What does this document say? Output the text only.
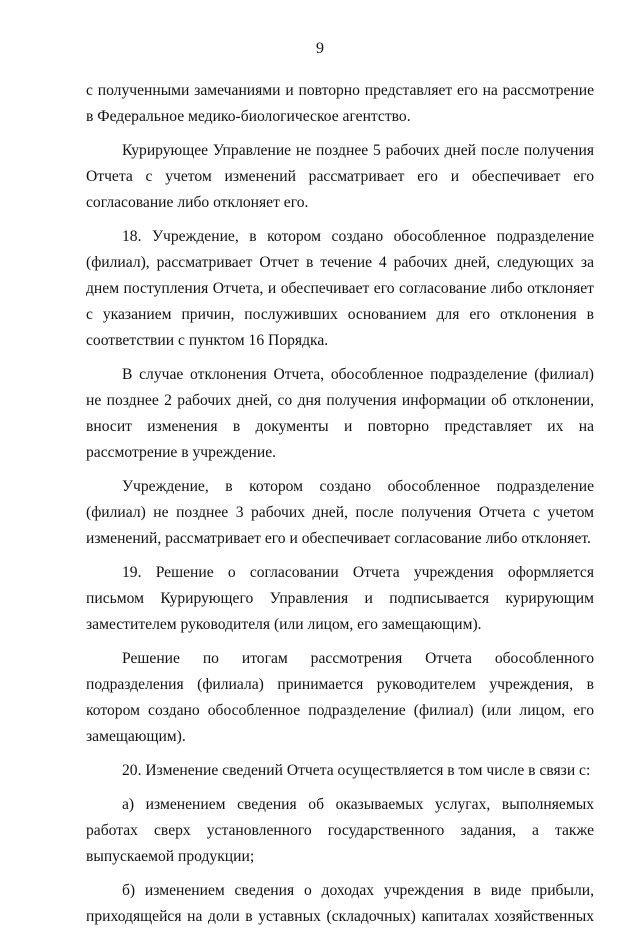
9

с полученными замечаниями и повторно представляет его на рассмотрение в Федеральное медико-биологическое агентство.

Курирующее Управление не позднее 5 рабочих дней после получения Отчета с учетом изменений рассматривает его и обеспечивает его согласование либо отклоняет его.

18. Учреждение, в котором создано обособленное подразделение (филиал), рассматривает Отчет в течение 4 рабочих дней, следующих за днем поступления Отчета, и обеспечивает его согласование либо отклоняет с указанием причин, послуживших основанием для его отклонения в соответствии с пунктом 16 Порядка.

В случае отклонения Отчета, обособленное подразделение (филиал) не позднее 2 рабочих дней, со дня получения информации об отклонении, вносит изменения в документы и повторно представляет их на рассмотрение в учреждение.

Учреждение, в котором создано обособленное подразделение (филиал) не позднее 3 рабочих дней, после получения Отчета с учетом изменений, рассматривает его и обеспечивает согласование либо отклоняет.

19. Решение о согласовании Отчета учреждения оформляется письмом Курирующего Управления и подписывается курирующим заместителем руководителя (или лицом, его замещающим).

Решение по итогам рассмотрения Отчета обособленного подразделения (филиала) принимается руководителем учреждения, в котором создано обособленное подразделение (филиал) (или лицом, его замещающим).

20. Изменение сведений Отчета осуществляется в том числе в связи с:

а) изменением сведения об оказываемых услугах, выполняемых работах сверх установленного государственного задания, а также выпускаемой продукции;

б) изменением сведения о доходах учреждения в виде прибыли, приходящейся на доли в уставных (складочных) капиталах хозяйственных
